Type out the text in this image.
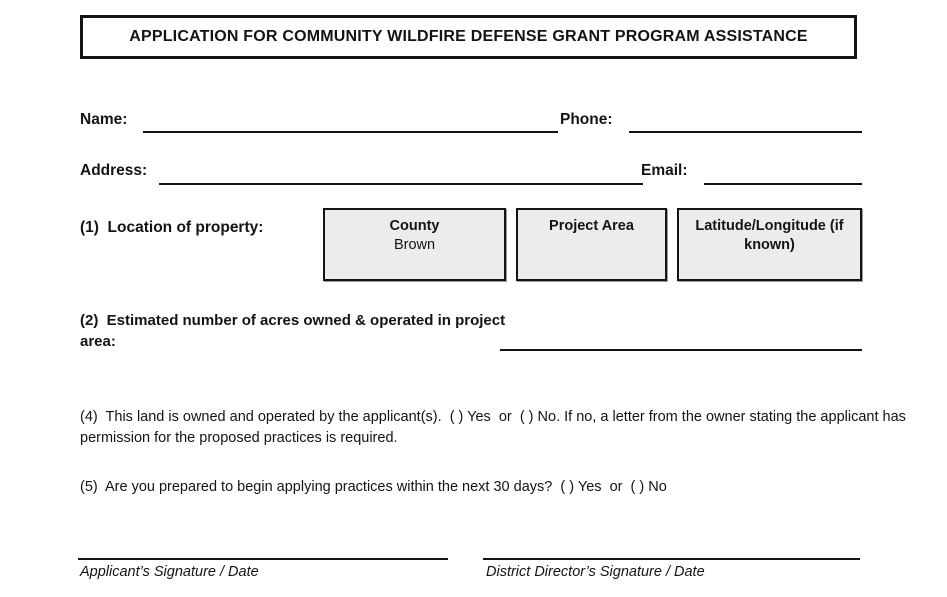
APPLICATION FOR COMMUNITY WILDFIRE DEFENSE GRANT PROGRAM ASSISTANCE
Name:	Phone:
Address:	Email:
(1)  Location of property:	County
Brown
Project Area	Latitude/Longitude (if known)
(2)  Estimated number of acres owned & operated in project area:
(4)  This land is owned and operated by the applicant(s).  ( ) Yes  or  ( ) No. If no, a letter from the owner stating the applicant has permission for the proposed practices is required.
(5)  Are you prepared to begin applying practices within the next 30 days?  ( ) Yes  or  ( ) No
Applicant’s Signature / Date	District Director’s Signature / Date
